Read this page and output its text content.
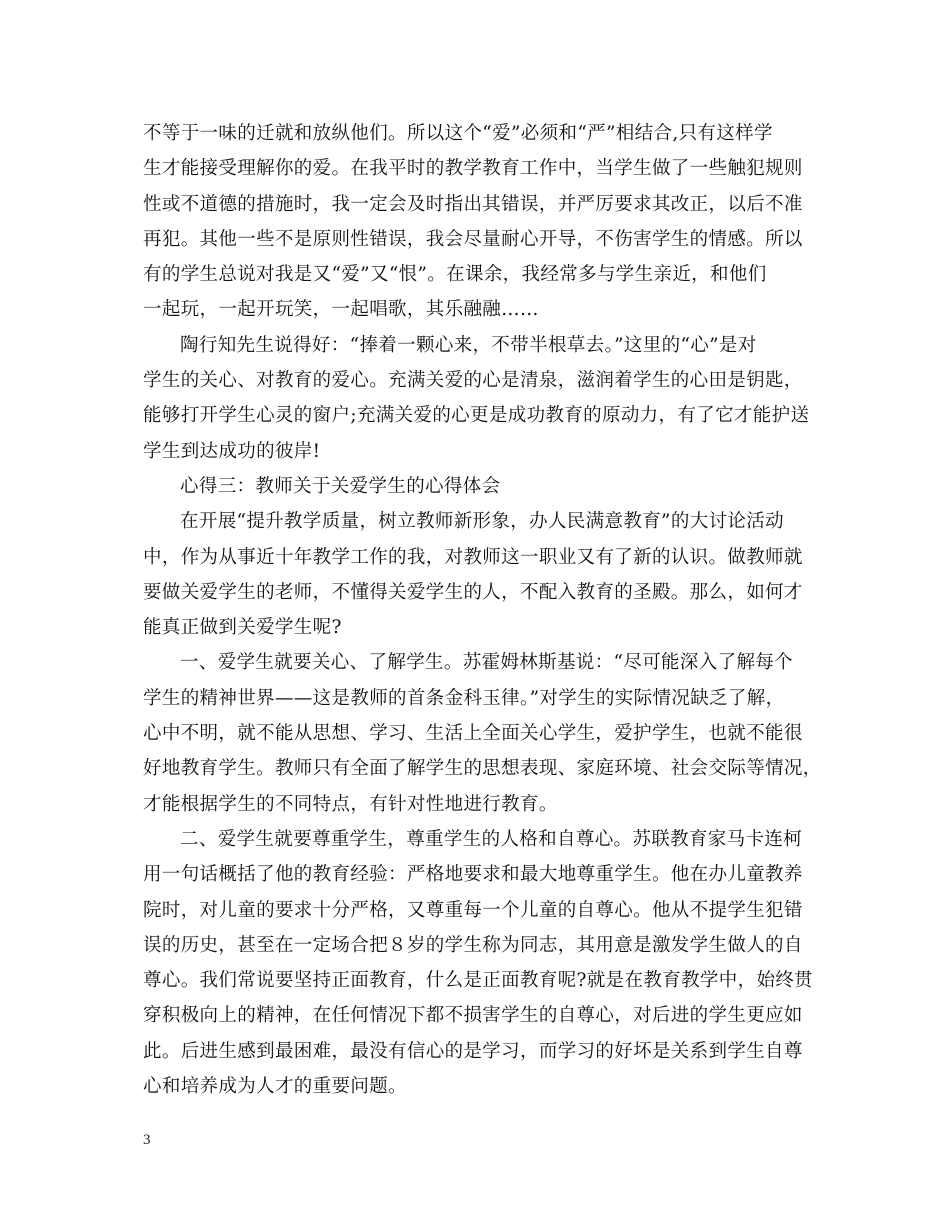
不等于一味的迁就和放纵他们。所以这个“爱”必须和“严”相结合,只有这样学
生才能接受理解你的爱。在我平时的教学教育工作中，当学生做了一些触犯规则
性或不道德的措施时，我一定会及时指出其错误，并严厉要求其改正，以后不准
再犯。其他一些不是原则性错误，我会尽量耐心开导，不伤害学生的情感。所以
有的学生总说对我是又“爱”又“恨”。在课余，我经常多与学生亲近，和他们
一起玩，一起开玩笑，一起唱歌，其乐融融……
陶行知先生说得好：“捧着一颗心来，不带半根草去。”这里的“心”是对
学生的关心、对教育的爱心。充满关爱的心是清泉，滋润着学生的心田是钥匙，
能够打开学生心灵的窗户;充满关爱的心更是成功教育的原动力，有了它才能护送
学生到达成功的彼岸!
心得三：教师关于关爱学生的心得体会
在开展“提升教学质量，树立教师新形象，办人民满意教育”的大讨论活动
中，作为从事近十年教学工作的我，对教师这一职业又有了新的认识。做教师就
要做关爱学生的老师，不懂得关爱学生的人，不配入教育的圣殿。那么，如何才
能真正做到关爱学生呢?
一、爱学生就要关心、了解学生。苏霍姆林斯基说：“尽可能深入了解每个
学生的精神世界——这是教师的首条金科玉律。”对学生的实际情况缺乏了解，
心中不明，就不能从思想、学习、生活上全面关心学生，爱护学生，也就不能很
好地教育学生。教师只有全面了解学生的思想表现、家庭环境、社会交际等情况，
才能根据学生的不同特点，有针对性地进行教育。
二、爱学生就要尊重学生，尊重学生的人格和自尊心。苏联教育家马卡连柯
用一句话概括了他的教育经验：严格地要求和最大地尊重学生。他在办儿童教养
院时，对儿童的要求十分严格，又尊重每一个儿童的自尊心。他从不提学生犯错
误的历史，甚至在一定场合把８岁的学生称为同志，其用意是激发学生做人的自
尊心。我们常说要坚持正面教育，什么是正面教育呢?就是在教育教学中，始终贯
穿积极向上的精神，在任何情况下都不损害学生的自尊心，对后进的学生更应如
此。后进生感到最困难，最没有信心的是学习，而学习的好坏是关系到学生自尊
心和培养成为人才的重要问题。
3
